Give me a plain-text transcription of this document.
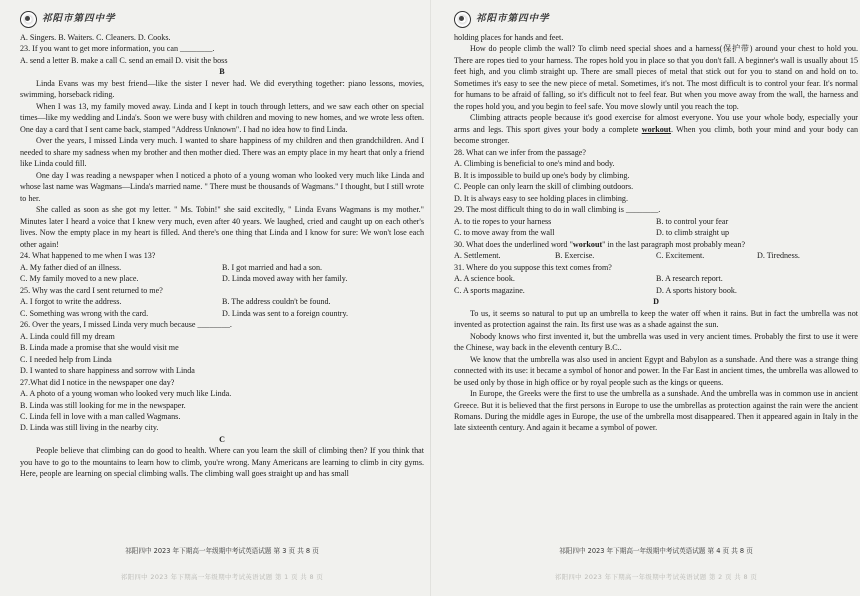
祁阳市第四中学

A. Singers. B. Waiters. C. Cleaners. D. Cooks.

23. If you want to get more information, you can ________.

A. send a letter B. make a call C. send an email D. visit the boss

B

Linda Evans was my best friend—like the sister I never had. We did everything together: piano lessons, movies, swimming, horseback riding.

When I was 13, my family moved away. Linda and I kept in touch through letters, and we saw each other on special times—like my wedding and Linda's. Soon we were busy with children and moving to new homes, and we wrote less often. One day a card that I sent came back, stamped "Address Unknown". I had no idea how to find Linda.

Over the years, I missed Linda very much. I wanted to share happiness of my children and then grandchildren. And I needed to share my sadness when my brother and then mother died. There was an empty place in my heart that only a friend like Linda could fill.

One day I was reading a newspaper when I noticed a photo of a young woman who looked very much like Linda and whose last name was Wagmans—Linda's married name. " There must be thousands of Wagmans." I thought, but I still wrote to her.

She called as soon as she got my letter. " Ms. Tobin!" she said excitedly, " Linda Evans Wagmans is my mother." Minutes later I heard a voice that I knew very much, even after 40 years. We laughed, cried and caught up on each other's lives. Now the empty place in my heart is filled. And there's one thing that Linda and I know for sure: We won't lose each other again!

24. What happened to me when I was 13?

A. My father died of an illness.	B. I got married and had a son.
C. My family moved to a new place.	D. Linda moved away with her family.

25. Why was the card I sent returned to me?

A. I forgot to write the address.	B. The address couldn't be found.
C. Something was wrong with the card.	D. Linda was sent to a foreign country.

26. Over the years, I missed Linda very much because ________.

A. Linda could fill my dream

B. Linda made a promise that she would visit me

C. I needed help from Linda

D. I wanted to share happiness and sorrow with Linda

27.What did I notice in the newspaper one day?

A. A photo of a young woman who looked very much like Linda.

B. Linda was still looking for me in the newspaper.

C. Linda fell in love with a man called Wagmans.

D. Linda was still living in the nearby city.

C

People believe that climbing can do good to health. Where can you learn the skill of climbing then? If you think that you have to go to the mountains to learn how to climb, you're wrong. Many Americans are learning to climb in city gyms. Here, people are learning on special climbing walls. The climbing wall goes straight up and has small

祁阳四中 2023 年下期高一年级期中考试英语试题 第 3 页 共 8 页
祁阳四中 2023 年下期高一年级期中考试英语试题 第 1 页 共 8 页
祁阳市第四中学

holding places for hands and feet.

How do people climb the wall? To climb need special shoes and a harness(保护带) around your chest to hold you. There are ropes tied to your harness. The ropes hold you in place so that you don't fall. A beginner's wall is usually about 15 feet high, and you climb straight up. There are small pieces of metal that stick out for you to stand on and hold on to. Sometimes it's easy to see the new piece of metal. Sometimes, it's not. The most difficult is to control your fear. It's normal for humans to be afraid of falling, so it's difficult not to feel fear. But when you move away from the wall, the harness and the ropes hold you, and you begin to feel safe. You move slowly until you reach the top.

Climbing attracts people because it's good exercise for almost everyone. You use your whole body, especially your arms and legs. This sport gives your body a complete workout. When you climb, both your mind and your body can become stronger.

28. What can we infer from the passage?

A. Climbing is beneficial to one's mind and body.

B. It is impossible to build up one's body by climbing.

C. People can only learn the skill of climbing outdoors.

D. It is always easy to see holding places in climbing.

29. The most difficult thing to do in wall climbing is ________.

A. to tie ropes to your harness	B. to control your fear
C. to move away from the wall	D. to climb straight up

30. What does the underlined word "workout" in the last paragraph most probably mean?

A. Settlement.	B. Exercise.	C. Excitement.	D. Tiredness.

31. Where do you suppose this text comes from?

A. A science book.	B. A research report.
C. A sports magazine.	D. A sports history book.

D

To us, it seems so natural to put up an umbrella to keep the water off when it rains. But in fact the umbrella was not invented as protection against the rain. Its first use was as a shade against the sun.

Nobody knows who first invented it, but the umbrella was used in very ancient times. Probably the first to use it were the Chinese, way back in the eleventh century B.C..

We know that the umbrella was also used in ancient Egypt and Babylon as a sunshade. And there was a strange thing connected with its use: it became a symbol of honor and power. In the Far East in ancient times, the umbrella was allowed to be used only by those in high office or by royal people such as the kings or queens.

In Europe, the Greeks were the first to use the umbrella as a sunshade. And the umbrella was in common use in ancient Greece. But it is believed that the first persons in Europe to use the umbrellas as protection against the rain were the ancient Romans. During the middle ages in Europe, the use of the umbrella most disappeared. Then it appeared again in Italy in the late sixteenth century. And again it became a symbol of power.

祁阳四中 2023 年下期高一年级期中考试英语试题 第 4 页 共 8 页
祁阳四中 2023 年下期高一年级期中考试英语试题 第 2 页 共 8 页
